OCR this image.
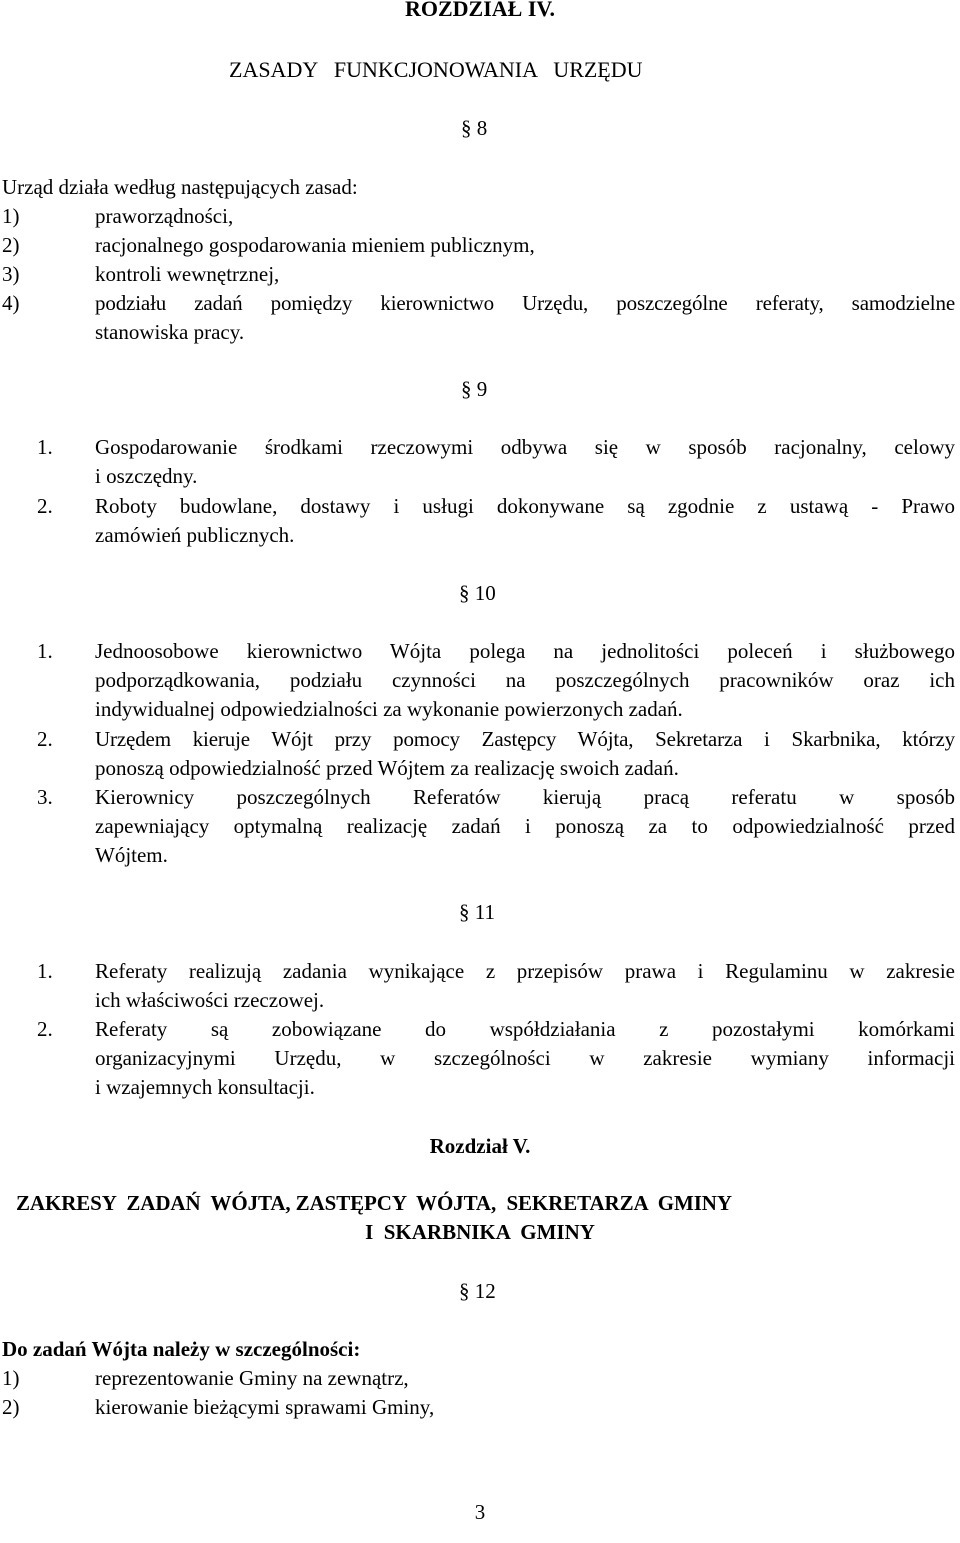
ROZDZIAŁ IV.
ZASADY   FUNKCJONOWANIA   URZĘDU
§ 8
Urząd działa według następujących zasad:
1)	praworządności,
2)	racjonalnego gospodarowania mieniem publicznym,
3)	kontroli wewnętrznej,
4)	podziału zadań pomiędzy kierownictwo Urzędu, poszczególne referaty, samodzielne
stanowiska pracy.
§ 9
1. Gospodarowanie środkami rzeczowymi odbywa się w sposób racjonalny, celowy
i oszczędny.
2. Roboty budowlane, dostawy i usługi dokonywane są zgodnie z ustawą - Prawo
zamówień publicznych.
§ 10
1. Jednoosobowe kierownictwo Wójta polega na jednolitości poleceń i służbowego
podporządkowania, podziału czynności na poszczególnych pracowników oraz ich
indywidualnej odpowiedzialności za wykonanie powierzonych zadań.
2. Urzędem kieruje Wójt przy pomocy Zastępcy Wójta, Sekretarza i Skarbnika, którzy
ponoszą odpowiedzialność przed Wójtem za realizację swoich zadań.
3. Kierownicy poszczególnych Referatów kierują pracą referatu w sposób
zapewniający optymalną realizację zadań i ponoszą za to odpowiedzialność przed
Wójtem.
§ 11
1. Referaty realizują zadania wynikające z przepisów prawa i Regulaminu w zakresie
ich właściwości rzeczowej.
2. Referaty są zobowiązane do współdziałania z pozostałymi komórkami
organizacyjnymi Urzędu, w szczególności w zakresie wymiany informacji
i wzajemnych konsultacji.
Rozdział V.
ZAKRESY  ZADAŃ  WÓJTA, ZASTĘPCY  WÓJTA,  SEKRETARZA  GMINY
I  SKARBNIKA  GMINY
§ 12
Do zadań Wójta należy w szczególności:
1)	reprezentowanie Gminy na zewnątrz,
2)	kierowanie bieżącymi sprawami Gminy,
3
